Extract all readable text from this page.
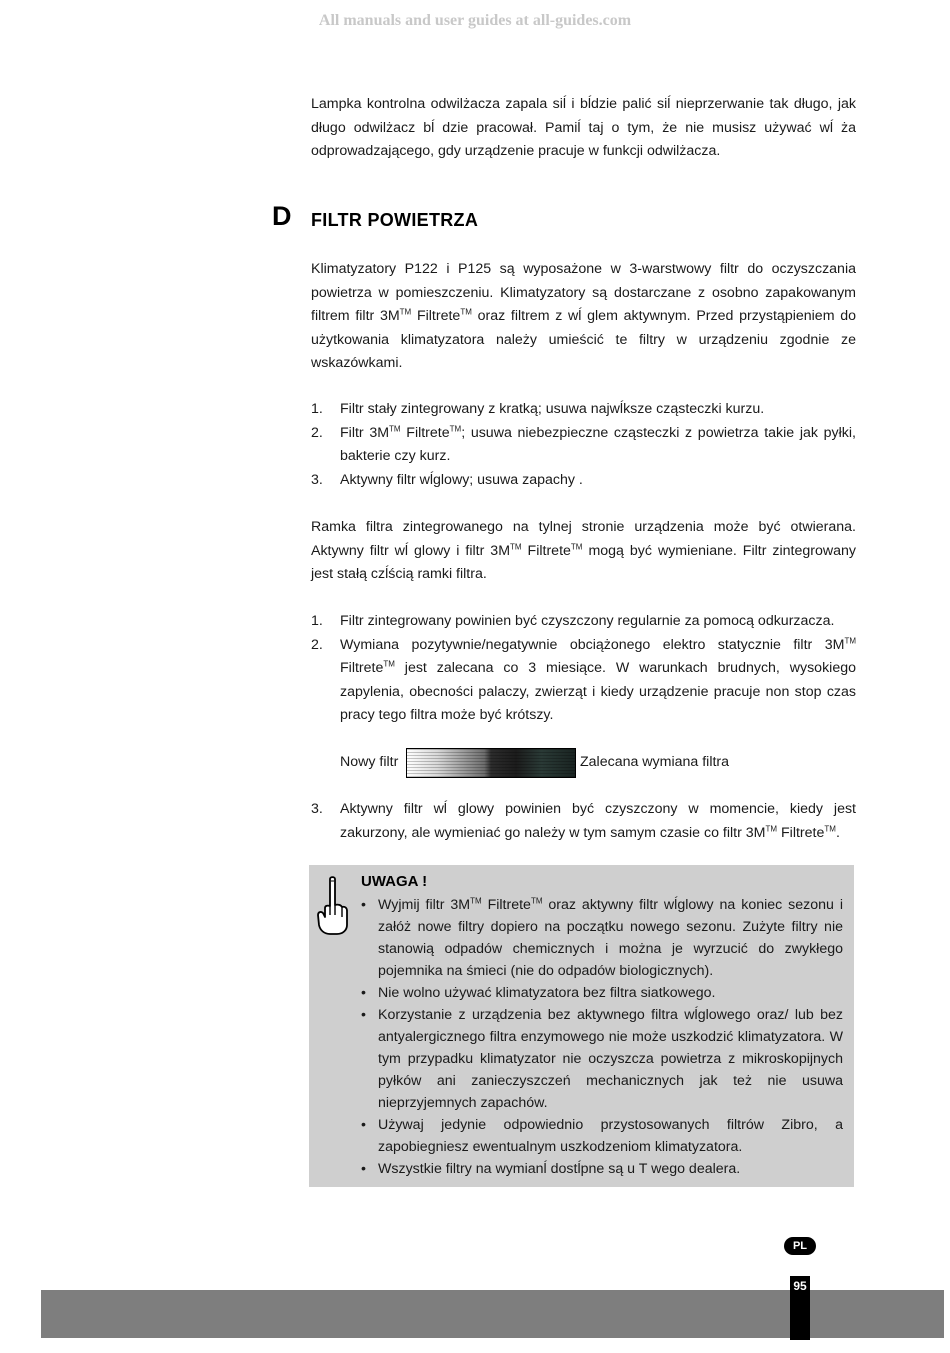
All manuals and user guides at all-guides.com

Lampka kontrolna odwilżacza zapala siĺ i bĺdzie palić siĺ nieprzerwanie tak długo, jak długo odwilżacz bĺ dzie pracował. Pamiĺ taj o tym, że nie musisz używać wĺ ża odprowadzającego, gdy urządzenie pracuje w funkcji odwilżacza.

D FILTR POWIETRZA

Klimatyzatory P122 i P125 są wyposażone w 3-warstwowy filtr do oczyszczania powietrza w pomieszczeniu. Klimatyzatory są dostarczane z osobno zapakowanym filtrem filtr 3M™ Filtrete™ oraz filtrem z wĺ glem aktywnym. Przed przystąpieniem do użytkowania klimatyzatora należy umieścić te filtry w urządzeniu zgodnie ze wskazówkami.

1. Filtr stały zintegrowany z kratką; usuwa najwĺksze cząsteczki kurzu.
2. Filtr 3M™ Filtrete™; usuwa niebezpieczne cząsteczki z powietrza takie jak pyłki, bakterie czy kurz.
3. Aktywny filtr wĺglowy; usuwa zapachy .

Ramka filtra zintegrowanego na tylnej stronie urządzenia może być otwierana. Aktywny filtr wĺ glowy i filtr 3M™ Filtrete™ mogą być wymieniane. Filtr zintegrowany jest stałą czĺścią ramki filtra.

1. Filtr zintegrowany powinien być czyszczony regularnie za pomocą odkurzacza.
2. Wymiana pozytywnie/negatywnie obciążonego elektro statycznie filtr 3M™ Filtrete™ jest zalecana co 3 miesiące. W warunkach brudnych, wysokiego zapylenia, obecności palaczy, zwierząt i kiedy urządzenie pracuje non stop czas pracy tego filtra może być krótszy.
Nowy filtr	Zalecana wymiana filtra
3. Aktywny filtr wĺ glowy powinien być czyszczony w momencie, kiedy jest zakurzony, ale wymieniać go należy w tym samym czasie co filtr 3M™ Filtrete™.
UWAGA !
• Wyjmij filtr 3M™ Filtrete™ oraz aktywny filtr wĺglowy na koniec sezonu i załóż nowe filtry dopiero na początku nowego sezonu. Zużyte filtry nie stanowią odpadów chemicznych i można je wyrzucić do zwykłego pojemnika na śmieci (nie do odpadów biologicznych).
• Nie wolno używać klimatyzatora bez filtra siatkowego.
• Korzystanie z urządzenia bez aktywnego filtra wĺglowego oraz/ lub bez antyalergicznego filtra enzymowego nie może uszkodzić klimatyzatora. W tym przypadku klimatyzator nie oczyszcza powietrza z mikroskopijnych pyłków ani zanieczyszczeń mechanicznych jak też nie usuwa nieprzyjemnych zapachów.
• Używaj jedynie odpowiednio przystosowanych filtrów Zibro, a zapobiegniesz ewentualnym uszkodzeniom klimatyzatora.
• Wszystkie filtry na wymianĺ dostĺpne są u T wego dealera.
PL
95
